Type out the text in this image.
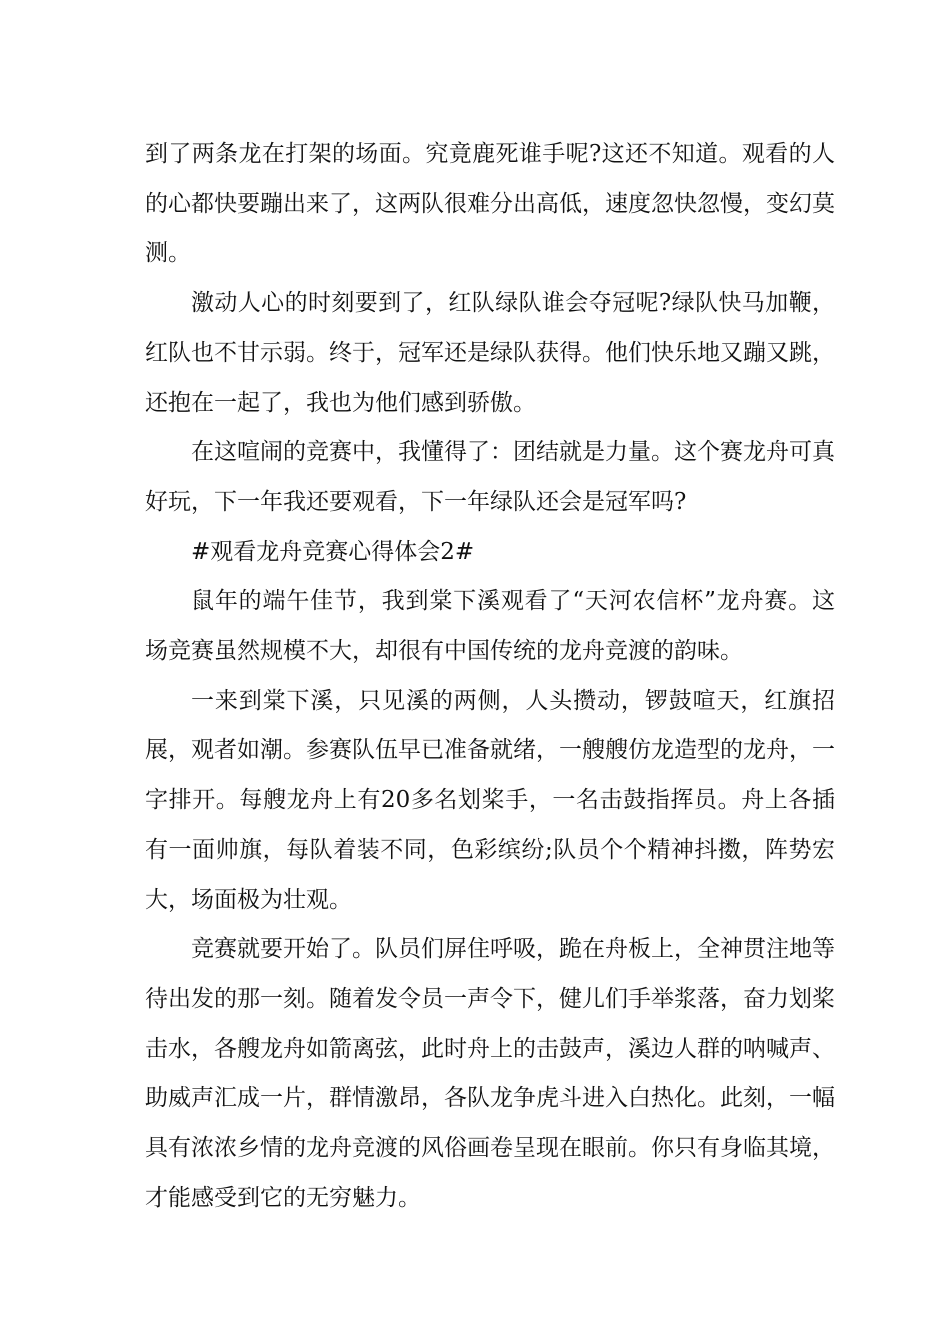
到了两条龙在打架的场面。究竟鹿死谁手呢?这还不知道。观看的人的心都快要蹦出来了，这两队很难分出高低，速度忽快忽慢，变幻莫测。

激动人心的时刻要到了，红队绿队谁会夺冠呢?绿队快马加鞭，红队也不甘示弱。终于，冠军还是绿队获得。他们快乐地又蹦又跳，还抱在一起了，我也为他们感到骄傲。

在这喧闹的竞赛中，我懂得了：团结就是力量。这个赛龙舟可真好玩，下一年我还要观看，下一年绿队还会是冠军吗?

#观看龙舟竞赛心得体会2#

鼠年的端午佳节，我到棠下溪观看了“天河农信杯”龙舟赛。这场竞赛虽然规模不大，却很有中国传统的龙舟竞渡的韵味。

一来到棠下溪，只见溪的两侧，人头攒动，锣鼓喧天，红旗招展，观者如潮。参赛队伍早已准备就绪，一艘艘仿龙造型的龙舟，一字排开。每艘龙舟上有20多名划桨手，一名击鼓指挥员。舟上各插有一面帅旗，每队着装不同，色彩缤纷;队员个个精神抖擞，阵势宏大，场面极为壮观。

竞赛就要开始了。队员们屏住呼吸，跪在舟板上，全神贯注地等待出发的那一刻。随着发令员一声令下，健儿们手举浆落，奋力划桨击水，各艘龙舟如箭离弦，此时舟上的击鼓声，溪边人群的呐喊声、助威声汇成一片，群情激昂，各队龙争虎斗进入白热化。此刻，一幅具有浓浓乡情的龙舟竞渡的风俗画卷呈现在眼前。你只有身临其境，才能感受到它的无穷魅力。
